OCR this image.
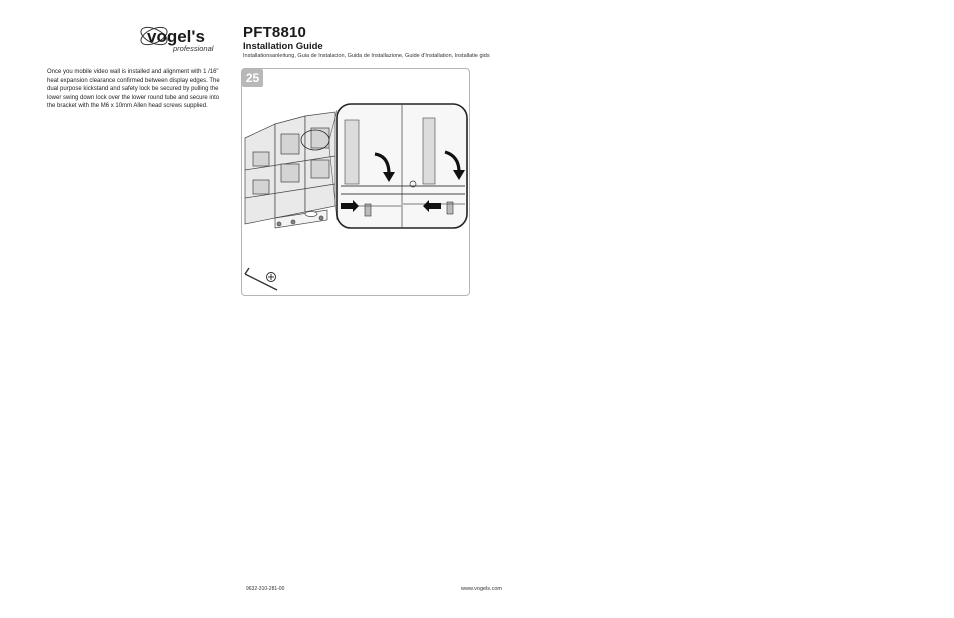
vogel's
professional
PFT8810
Installation Guide
Installationsanleitung, Guia de Instalacion, Guida de Installazione, Guide d'Installation, Installatie gids

Once you mobile video wall is installed and alignment with 1 /16" heat expansion clearance confirmed between display edges. The dual purpose kickstand and safety lock be secured by pulling the lower swing down lock over the lower round tube and secure into the bracket with the M6 x 10mm Allen head screws supplied.

25
9632-310-281-00	www.vogels.com
